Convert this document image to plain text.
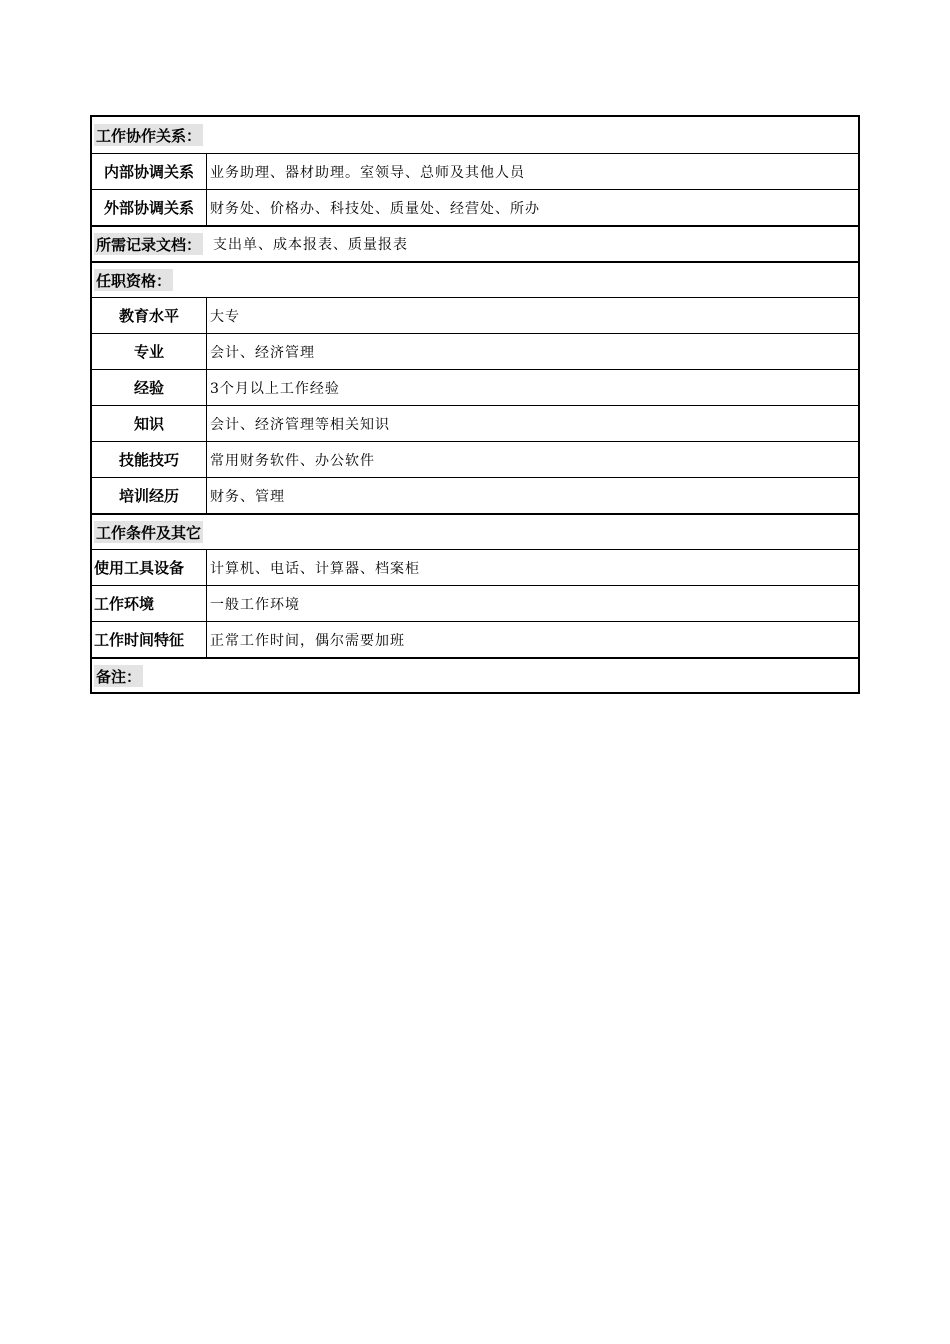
工作协作关系：
内部协调关系	业务助理、器材助理。室领导、总师及其他人员
外部协调关系	财务处、价格办、科技处、质量处、经营处、所办
所需记录文档： 支出单、成本报表、质量报表
任职资格：
教育水平	大专
专业	会计、经济管理
经验	3个月以上工作经验
知识	会计、经济管理等相关知识
技能技巧	常用财务软件、办公软件
培训经历	财务、管理
工作条件及其它
使用工具设备	计算机、电话、计算器、档案柜
工作环境	一般工作环境
工作时间特征	正常工作时间，偶尔需要加班
备注：
